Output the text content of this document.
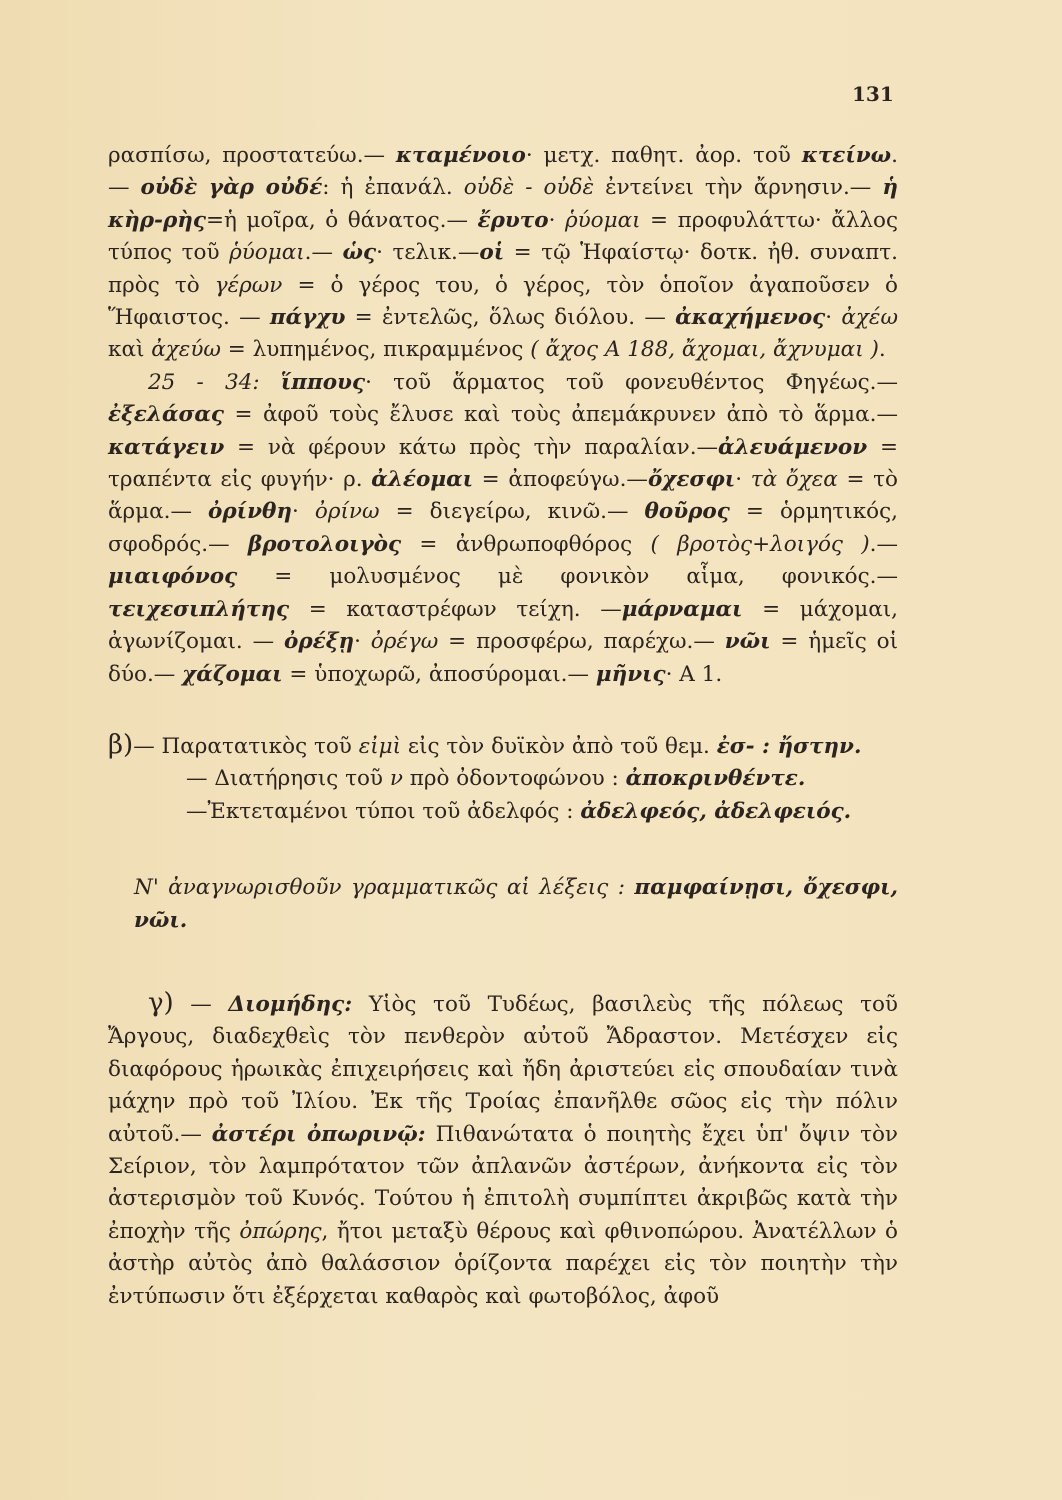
131

ρασπίσω, προστατεύω.— κταμένοιο· μετχ. παθητ. ἀορ. τοῦ κτείνω. — οὐδὲ γὰρ οὐδέ: ἡ ἐπανάλ. οὐδὲ - οὐδὲ ἐντείνει τὴν ἄρνησιν.— ἡ κὴρ-ρὴς=ἡ μοῖρα, ὁ θάνατος.— ἔρυτο· ῥύομαι = προφυλάττω· ἄλλος τύπος τοῦ ῥύομαι.— ὡς· τελικ.—οἱ = τῷ Ἡφαίστῳ· δοτκ. ἠθ. συναπτ. πρὸς τὸ γέρων = ὁ γέρος του, ὁ γέρος, τὸν ὁποῖον ἀγαποῦσεν ὁ Ἥφαιστος. — πάγχυ = ἐντελῶς, ὅλως διόλου. — ἀκαχήμενος· ἀχέω καὶ ἀχεύω = λυπημένος, πικραμμένος ( ἄχος Α 188, ἄχομαι, ἄχνυμαι ).

25 - 34: ἵππους· τοῦ ἅρματος τοῦ φονευθέντος Φηγέως.— ἐξελάσας = ἀφοῦ τοὺς ἔλυσε καὶ τοὺς ἀπεμάκρυνεν ἀπὸ τὸ ἅρμα.— κατάγειν = νὰ φέρουν κάτω πρὸς τὴν παραλίαν.—ἀλευάμενον = τραπέντα εἰς φυγήν· ρ. ἀλέομαι = ἀποφεύγω.—ὄχεσφι· τὰ ὄχεα = τὸ ἅρμα.— ὀρίνθη· ὀρίνω = διεγείρω, κινῶ.— θοῦρος = ὁρμητικός, σφοδρός.— βροτολοιγὸς = ἀνθρωποφθόρος ( βροτὸς+λοιγός ).—μιαιφόνος = μολυσμένος μὲ φονικὸν αἷμα, φονικός.— τειχεσιπλήτης = καταστρέφων τείχη. —μάρναμαι = μάχομαι, ἀγωνίζομαι. — ὀρέξῃ· ὀρέγω = προσφέρω, παρέχω.— νῶι = ἡμεῖς οἱ δύο.— χάζομαι = ὑποχωρῶ, ἀποσύρομαι.— μῆνις· Α 1.

β)— Παρατατικὸς τοῦ εἰμὶ εἰς τὸν δυϊκὸν ἀπὸ τοῦ θεμ. ἐσ- : ἤστην.

— Διατήρησις τοῦ ν πρὸ ὀδοντοφώνου : ἀποκρινθέντε.

—Ἐκτεταμένοι τύποι τοῦ ἀδελφός : ἀδελφεός, ἀδελφειός.

Ν' ἀναγνωρισθοῦν γραμματικῶς αἱ λέξεις : παμφαίνῃσι, ὄχεσφι, νῶι.

γ) — Διομήδης: Υἱὸς τοῦ Τυδέως, βασιλεὺς τῆς πόλεως τοῦ Ἄργους, διαδεχθεὶς τὸν πενθερὸν αὐτοῦ Ἄδραστον. Μετέσχεν εἰς διαφόρους ἡρωικὰς ἐπιχειρήσεις καὶ ἤδη ἀριστεύει εἰς σπουδαίαν τινὰ μάχην πρὸ τοῦ Ἰλίου. Ἐκ τῆς Τροίας ἐπανῆλθε σῶος εἰς τὴν πόλιν αὐτοῦ.— ἀστέρι ὀπωρινῷ: Πιθανώτατα ὁ ποιητὴς ἔχει ὑπ' ὄψιν τὸν Σείριον, τὸν λαμπρότατον τῶν ἀπλανῶν ἀστέρων, ἀνήκοντα εἰς τὸν ἀστερισμὸν τοῦ Κυνός. Τούτου ἡ ἐπιτολὴ συμπίπτει ἀκριβῶς κατὰ τὴν ἐποχὴν τῆς ὀπώρης, ἤτοι μεταξὺ θέρους καὶ φθινοπώρου. Ἀνατέλλων ὁ ἀστὴρ αὐτὸς ἀπὸ θαλάσσιον ὁρίζοντα παρέχει εἰς τὸν ποιητὴν τὴν ἐντύπωσιν ὅτι ἐξέρχεται καθαρὸς καὶ φωτοβόλος, ἀφοῦ
